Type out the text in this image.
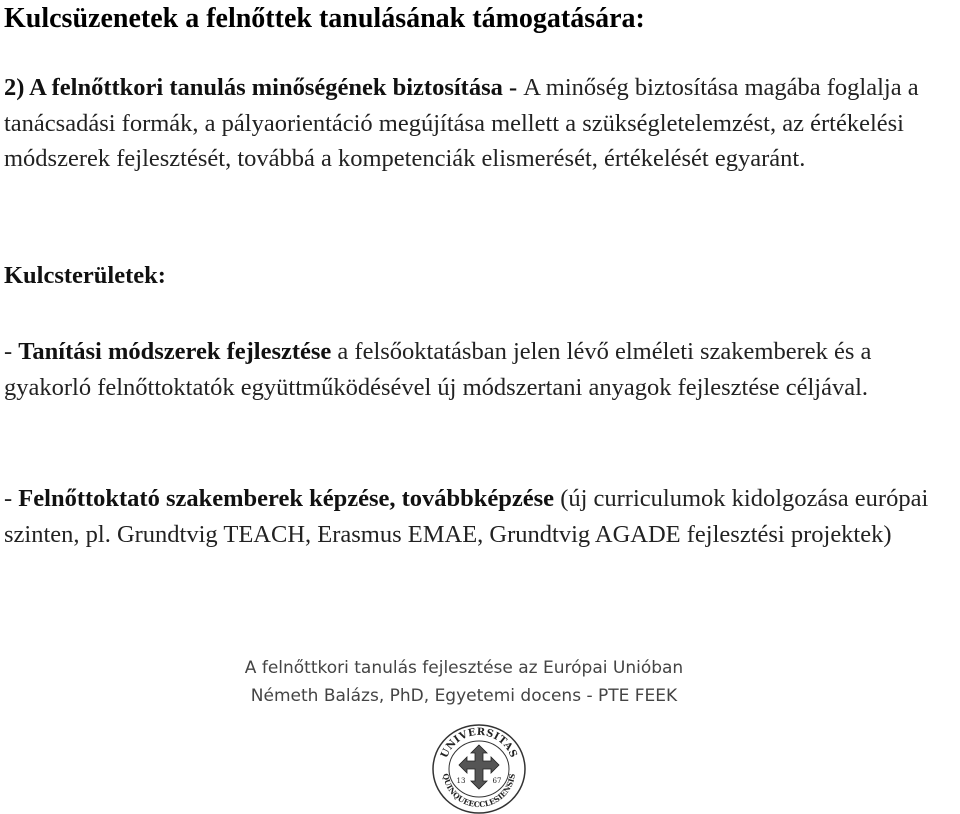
Kulcsüzenetek a felnőttek tanulásának támogatására:
2) A felnőttkori tanulás minőségének biztosítása - A minőség biztosítása magába foglalja a tanácsadási formák, a pályaorientáció megújítása mellett a szükségletelemzést, az értékelési módszerek fejlesztését, továbbá a kompetenciák elismerését, értékelését egyaránt.
Kulcsterületek:
- Tanítási módszerek fejlesztése a felsőoktatásban jelen lévő elméleti szakemberek és a gyakorló felnőttoktatók együttműködésével új módszertani anyagok fejlesztése céljával.
- Felnőttoktató szakemberek képzése, továbbképzése (új curriculumok kidolgozása európai szinten, pl. Grundtvig TEACH, Erasmus EMAE, Grundtvig AGADE fejlesztési projektek)
A felnőttkori tanulás fejlesztése az Európai Unióban
Németh Balázs, PhD, Egyetemi docens - PTE FEEK
UNIVERSITAS
QUINQUEECCLESIENSIS
13	67
